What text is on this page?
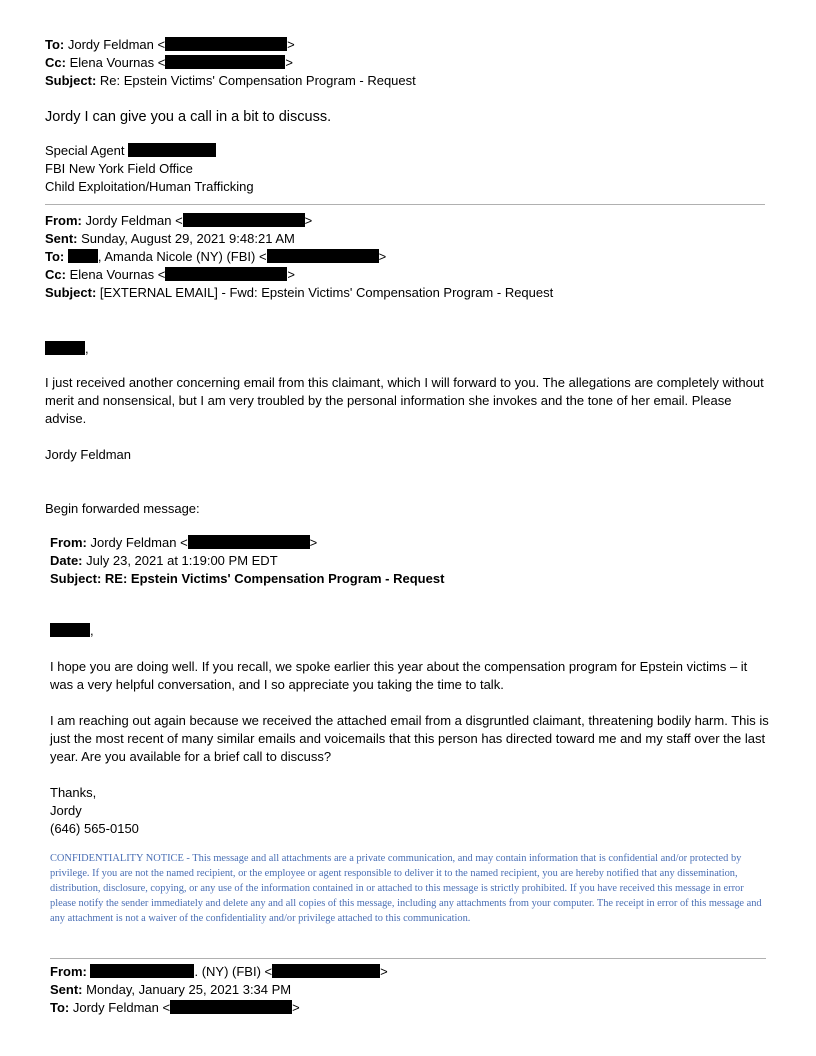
To: Jordy Feldman <	>
Cc: Elena Vournas <	>
Subject: Re: Epstein Victims' Compensation Program - Request
Jordy I can give you a call in a bit to discuss.
Special Agent
FBI New York Field Office
Child Exploitation/Human Trafficking
From: Jordy Feldman <	>
Sent: Sunday, August 29, 2021 9:48:21 AM
To:	, Amanda Nicole (NY) (FBI) <	>
Cc: Elena Vournas <	>
Subject: [EXTERNAL EMAIL] - Fwd: Epstein Victims' Compensation Program - Request
,
I just received another concerning email from this claimant, which I will forward to you. The allegations are completely without merit and nonsensical, but I am very troubled by the personal information she invokes and the tone of her email. Please advise.
Jordy Feldman
Begin forwarded message:
From: Jordy Feldman <	>
Date: July 23, 2021 at 1:19:00 PM EDT
Subject: RE: Epstein Victims' Compensation Program - Request
,
I hope you are doing well. If you recall, we spoke earlier this year about the compensation program for Epstein victims – it was a very helpful conversation, and I so appreciate you taking the time to talk.
I am reaching out again because we received the attached email from a disgruntled claimant, threatening bodily harm. This is just the most recent of many similar emails and voicemails that this person has directed toward me and my staff over the last year. Are you available for a brief call to discuss?
Thanks,
Jordy
(646) 565-0150
CONFIDENTIALITY NOTICE - This message and all attachments are a private communication, and may contain information that is confidential and/or protected by privilege. If you are not the named recipient, or the employee or agent responsible to deliver it to the named recipient, you are hereby notified that any dissemination, distribution, disclosure, copying, or any use of the information contained in or attached to this message is strictly prohibited. If you have received this message in error please notify the sender immediately and delete any and all copies of this message, including any attachments from your computer. The receipt in error of this message and any attachment is not a waiver of the confidentiality and/or privilege attached to this communication.
From:	. (NY) (FBI) <	>
Sent: Monday, January 25, 2021 3:34 PM
To: Jordy Feldman <	>
